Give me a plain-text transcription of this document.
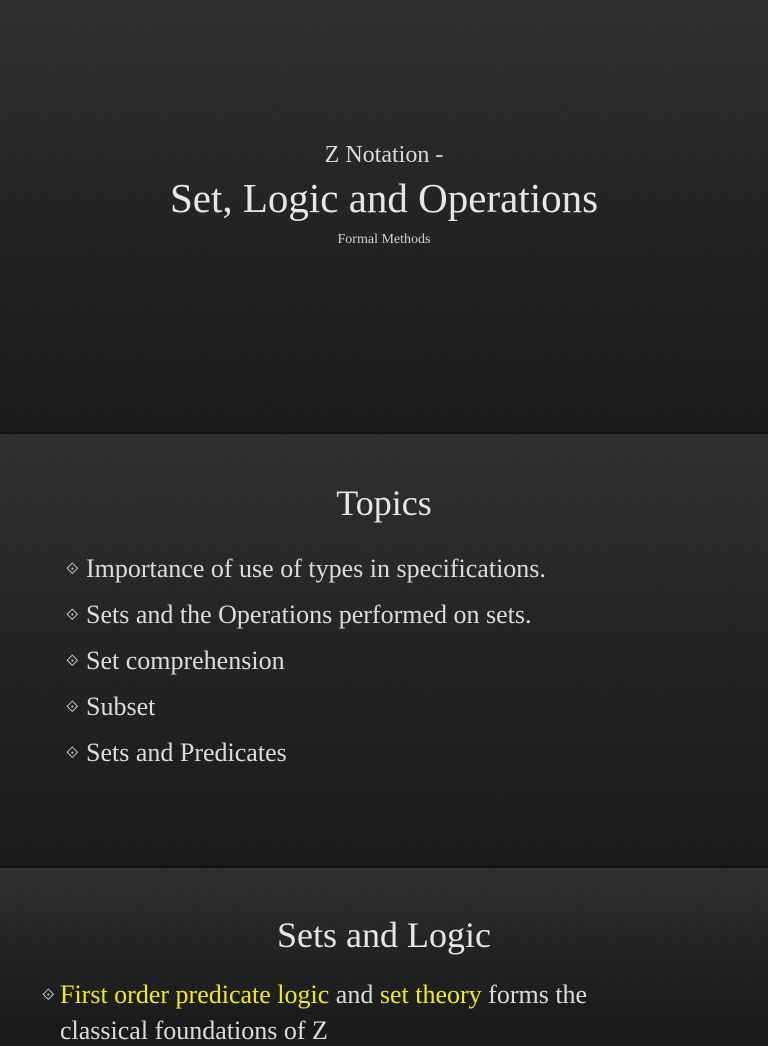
Z Notation -
Set, Logic and Operations
Formal Methods
Topics
⟐ Importance of use of types in specifications.
⟐ Sets and the Operations performed on sets.
⟐ Set comprehension
⟐ Subset
⟐ Sets and Predicates
Sets and Logic
⟐ First order predicate logic and set theory forms the
classical foundations of Z
